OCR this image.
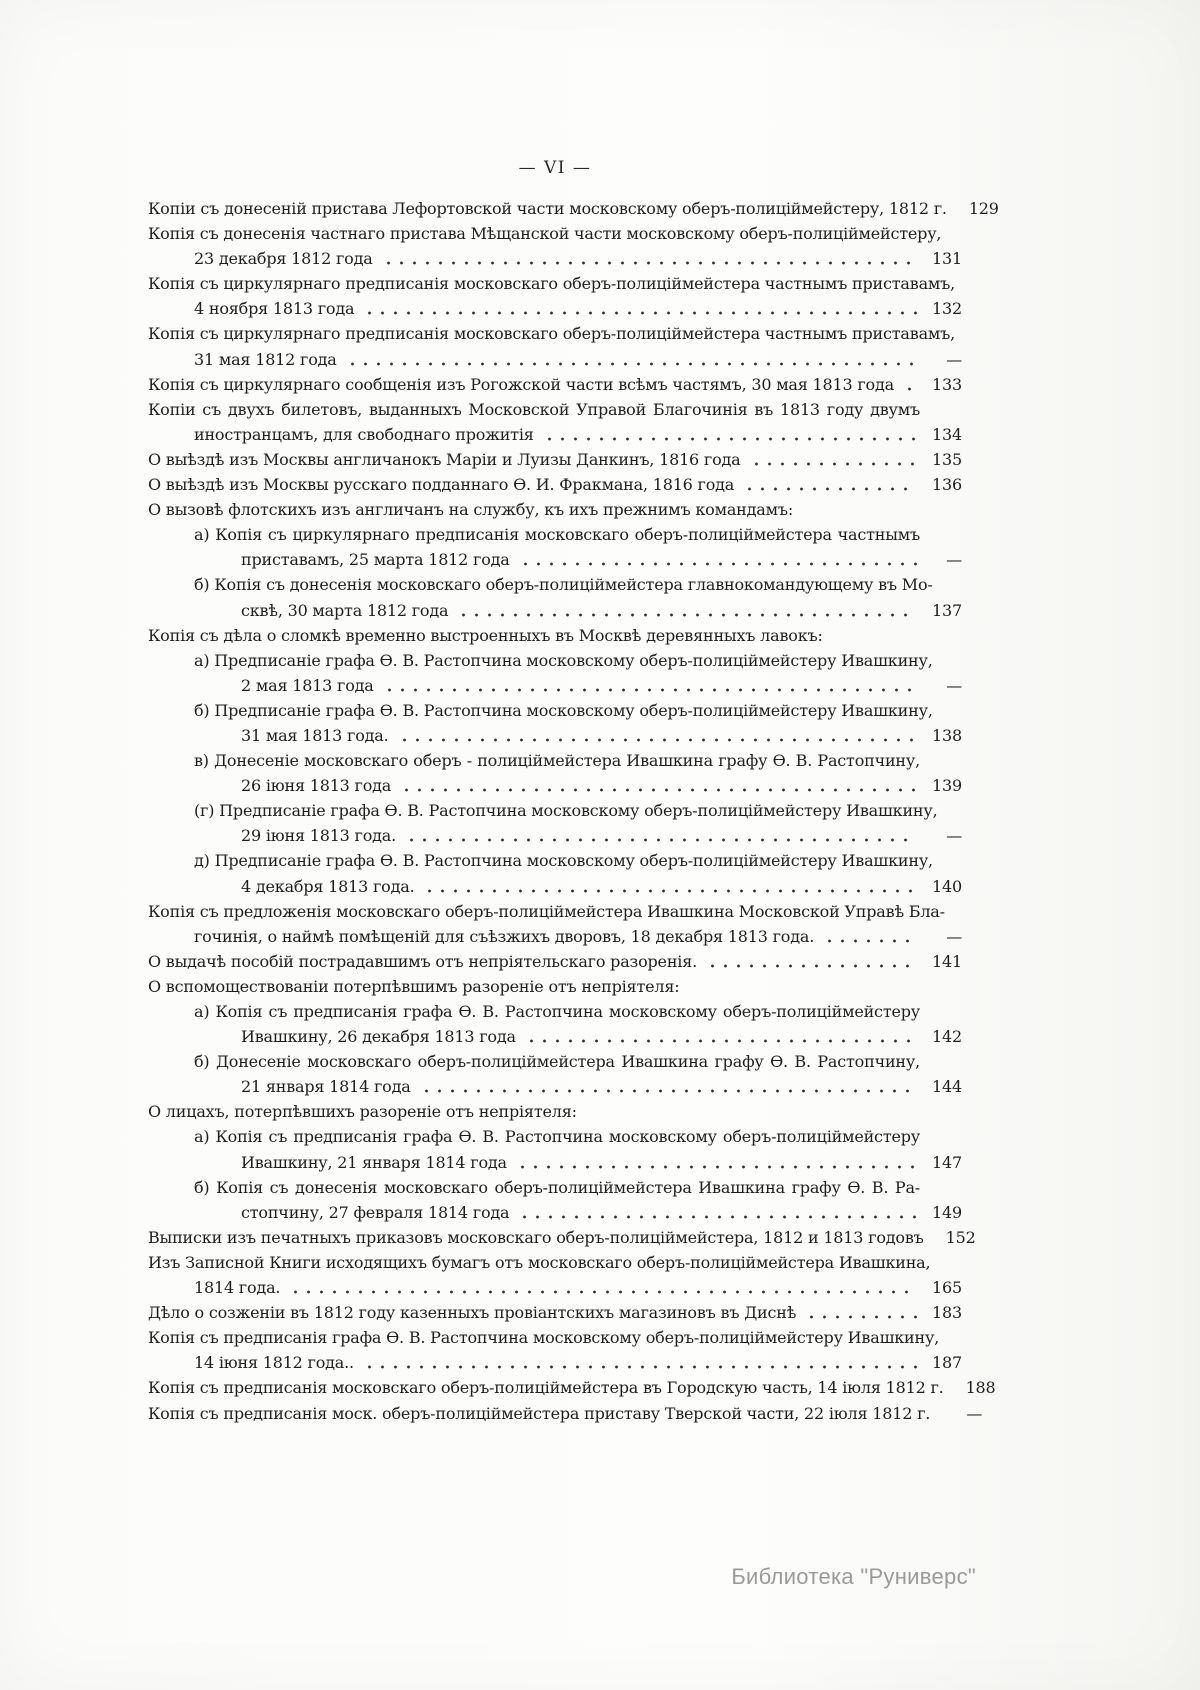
— VI —
Копіи съ донесеній пристава Лефортовской части московскому оберъ-полиціймейстеру, 1812 г.	129
Копія съ донесенія частнаго пристава Мѣщанской части московскому оберъ-полиціймейстеру,
23 декабря 1812 года	131
Копія съ циркулярнаго предписанія московскаго оберъ-полиціймейстера частнымъ приставамъ,
4 ноября 1813 года	132
Копія съ циркулярнаго предписанія московскаго оберъ-полиціймейстера частнымъ приставамъ,
31 мая 1812 года	—
Копія съ циркулярнаго сообщенія изъ Рогожской части всѣмъ частямъ, 30 мая 1813 года	133
Копіи съ двухъ билетовъ, выданныхъ Московской Управой Благочинія въ 1813 году двумъ
иностранцамъ, для свободнаго прожитія	134
О выѣздѣ изъ Москвы англичанокъ Маріи и Луизы Данкинъ, 1816 года	135
О выѣздѣ изъ Москвы русскаго подданнаго Ѳ. И. Фракмана, 1816 года	136
О вызовѣ флотскихъ изъ англичанъ на службу, къ ихъ прежнимъ командамъ:
а) Копія съ циркулярнаго предписанія московскаго оберъ-полиціймейстера частнымъ
приставамъ, 25 марта 1812 года	—
б) Копія съ донесенія московскаго оберъ-полиціймейстера главнокомандующему въ Мо-
сквѣ, 30 марта 1812 года	137
Копія съ дѣла о сломкѣ временно выстроенныхъ въ Москвѣ деревянныхъ лавокъ:
а) Предписаніе графа Ѳ. В. Растопчина московскому оберъ-полиціймейстеру Ивашкину,
2 мая 1813 года	—
б) Предписаніе графа Ѳ. В. Растопчина московскому оберъ-полиціймейстеру Ивашкину,
31 мая 1813 года.	138
в) Донесеніе московскаго оберъ - полиціймейстера Ивашкина графу Ѳ. В. Растопчину,
26 іюня 1813 года	139
(г) Предписаніе графа Ѳ. В. Растопчина московскому оберъ-полиціймейстеру Ивашкину,
29 іюня 1813 года.	—
д) Предписаніе графа Ѳ. В. Растопчина московскому оберъ-полиціймейстеру Ивашкину,
4 декабря 1813 года.	140
Копія съ предложенія московскаго оберъ-полиціймейстера Ивашкина Московской Управѣ Бла-
гочинія, о наймѣ помѣщеній для съѣзжихъ дворовъ, 18 декабря 1813 года.	—
О выдачѣ пособій пострадавшимъ отъ непріятельскаго разоренія.	141
О вспомоществованіи потерпѣвшимъ разореніе отъ непріятеля:
а) Копія съ предписанія графа Ѳ. В. Растопчина московскому оберъ-полиціймейстеру
Ивашкину, 26 декабря 1813 года	142
б) Донесеніе московскаго оберъ-полиціймейстера Ивашкина графу Ѳ. В. Растопчину,
21 января 1814 года	144
О лицахъ, потерпѣвшихъ разореніе отъ непріятеля:
а) Копія съ предписанія графа Ѳ. В. Растопчина московскому оберъ-полиціймейстеру
Ивашкину, 21 января 1814 года	147
б) Копія съ донесенія московскаго оберъ-полиціймейстера Ивашкина графу Ѳ. В. Ра-
стопчину, 27 февраля 1814 года	149
Выписки изъ печатныхъ приказовъ московскаго оберъ-полиціймейстера, 1812 и 1813 годовъ	152
Изъ Записной Книги исходящихъ бумагъ отъ московскаго оберъ-полиціймейстера Ивашкина,
1814 года.	165
Дѣло о созженіи въ 1812 году казенныхъ провіантскихъ магазиновъ въ Диснѣ	183
Копія съ предписанія графа Ѳ. В. Растопчина московскому оберъ-полиціймейстеру Ивашкину,
14 іюня 1812 года..	187
Копія съ предписанія московскаго оберъ-полиціймейстера въ Городскую часть, 14 іюля 1812 г.	188
Копія съ предписанія моск. оберъ-полиціймейстера приставу Тверской части, 22 іюля 1812 г.	—
Библиотека "Руниверс"
